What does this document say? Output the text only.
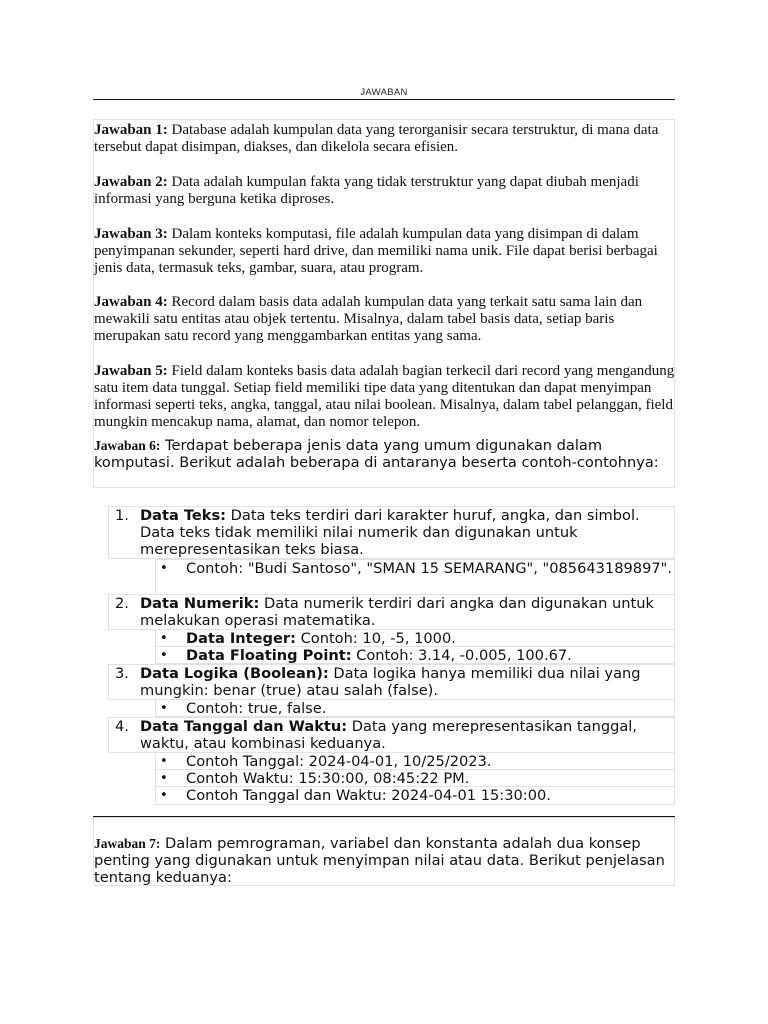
JAWABAN

Jawaban 1: Database adalah kumpulan data yang terorganisir secara terstruktur, di mana data tersebut dapat disimpan, diakses, dan dikelola secara efisien.

Jawaban 2: Data adalah kumpulan fakta yang tidak terstruktur yang dapat diubah menjadi informasi yang berguna ketika diproses.

Jawaban 3: Dalam konteks komputasi, file adalah kumpulan data yang disimpan di dalam penyimpanan sekunder, seperti hard drive, dan memiliki nama unik. File dapat berisi berbagai jenis data, termasuk teks, gambar, suara, atau program.

Jawaban 4: Record dalam basis data adalah kumpulan data yang terkait satu sama lain dan mewakili satu entitas atau objek tertentu. Misalnya, dalam tabel basis data, setiap baris merupakan satu record yang menggambarkan entitas yang sama.

Jawaban 5: Field dalam konteks basis data adalah bagian terkecil dari record yang mengandung satu item data tunggal. Setiap field memiliki tipe data yang ditentukan dan dapat menyimpan informasi seperti teks, angka, tanggal, atau nilai boolean. Misalnya, dalam tabel pelanggan, field mungkin mencakup nama, alamat, dan nomor telepon.

Jawaban 6: Terdapat beberapa jenis data yang umum digunakan dalam komputasi. Berikut adalah beberapa di antaranya beserta contoh-contohnya:

1. Data Teks: Data teks terdiri dari karakter huruf, angka, dan simbol. Data teks tidak memiliki nilai numerik dan digunakan untuk merepresentasikan teks biasa.
• Contoh: "Budi Santoso", "SMAN 15 SEMARANG", "085643189897".
2. Data Numerik: Data numerik terdiri dari angka dan digunakan untuk melakukan operasi matematika.
• Data Integer: Contoh: 10, -5, 1000.
• Data Floating Point: Contoh: 3.14, -0.005, 100.67.
3. Data Logika (Boolean): Data logika hanya memiliki dua nilai yang mungkin: benar (true) atau salah (false).
• Contoh: true, false.
4. Data Tanggal dan Waktu: Data yang merepresentasikan tanggal, waktu, atau kombinasi keduanya.
• Contoh Tanggal: 2024-04-01, 10/25/2023.
• Contoh Waktu: 15:30:00, 08:45:22 PM.
• Contoh Tanggal dan Waktu: 2024-04-01 15:30:00.

Jawaban 7: Dalam pemrograman, variabel dan konstanta adalah dua konsep penting yang digunakan untuk menyimpan nilai atau data. Berikut penjelasan tentang keduanya:
